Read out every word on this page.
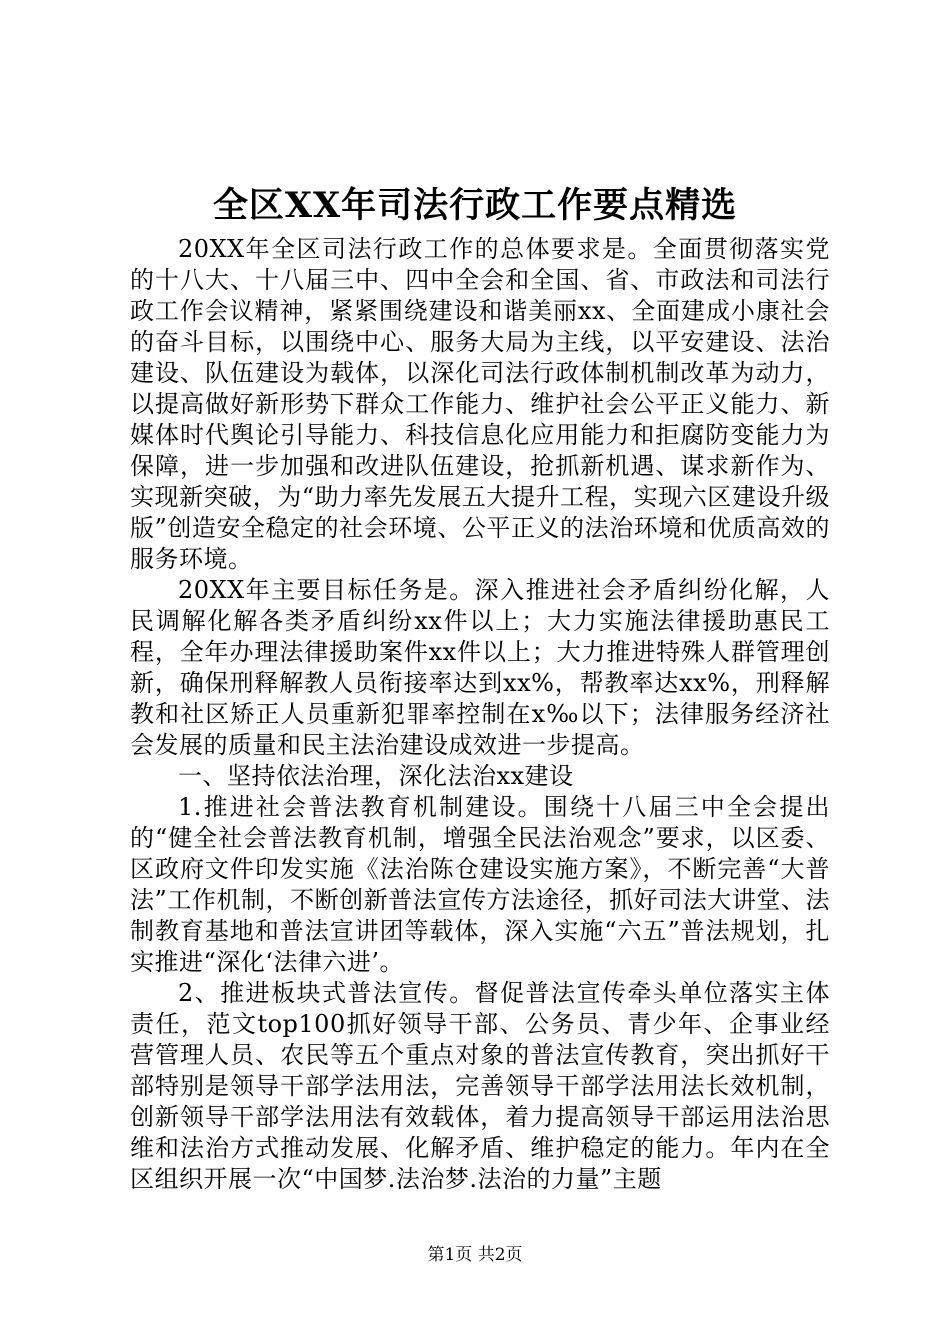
全区XX年司法行政工作要点精选

20XX年全区司法行政工作的总体要求是。全面贯彻落实党的十八大、十八届三中、四中全会和全国、省、市政法和司法行政工作会议精神，紧紧围绕建设和谐美丽xx、全面建成小康社会的奋斗目标，以围绕中心、服务大局为主线，以平安建设、法治建设、队伍建设为载体，以深化司法行政体制机制改革为动力，以提高做好新形势下群众工作能力、维护社会公平正义能力、新媒体时代舆论引导能力、科技信息化应用能力和拒腐防变能力为保障，进一步加强和改进队伍建设，抢抓新机遇、谋求新作为、实现新突破，为“助力率先发展五大提升工程，实现六区建设升级版”创造安全稳定的社会环境、公平正义的法治环境和优质高效的服务环境。

20XX年主要目标任务是。深入推进社会矛盾纠纷化解，人民调解化解各类矛盾纠纷xx件以上；大力实施法律援助惠民工程，全年办理法律援助案件xx件以上；大力推进特殊人群管理创新，确保刑释解教人员衔接率达到xx%，帮教率达xx%，刑释解教和社区矫正人员重新犯罪率控制在x‰以下；法律服务经济社会发展的质量和民主法治建设成效进一步提高。

一、坚持依法治理，深化法治xx建设

1.推进社会普法教育机制建设。围绕十八届三中全会提出的“健全社会普法教育机制，增强全民法治观念”要求，以区委、区政府文件印发实施《法治陈仓建设实施方案》，不断完善“大普法”工作机制，不断创新普法宣传方法途径，抓好司法大讲堂、法制教育基地和普法宣讲团等载体，深入实施“六五”普法规划，扎实推进“深化‘法律六进’。

2、推进板块式普法宣传。督促普法宣传牵头单位落实主体责任，范文top100抓好领导干部、公务员、青少年、企事业经营管理人员、农民等五个重点对象的普法宣传教育，突出抓好干部特别是领导干部学法用法，完善领导干部学法用法长效机制，创新领导干部学法用法有效载体，着力提高领导干部运用法治思维和法治方式推动发展、化解矛盾、维护稳定的能力。年内在全区组织开展一次“中国梦.法治梦.法治的力量”主题

第1页 共2页
